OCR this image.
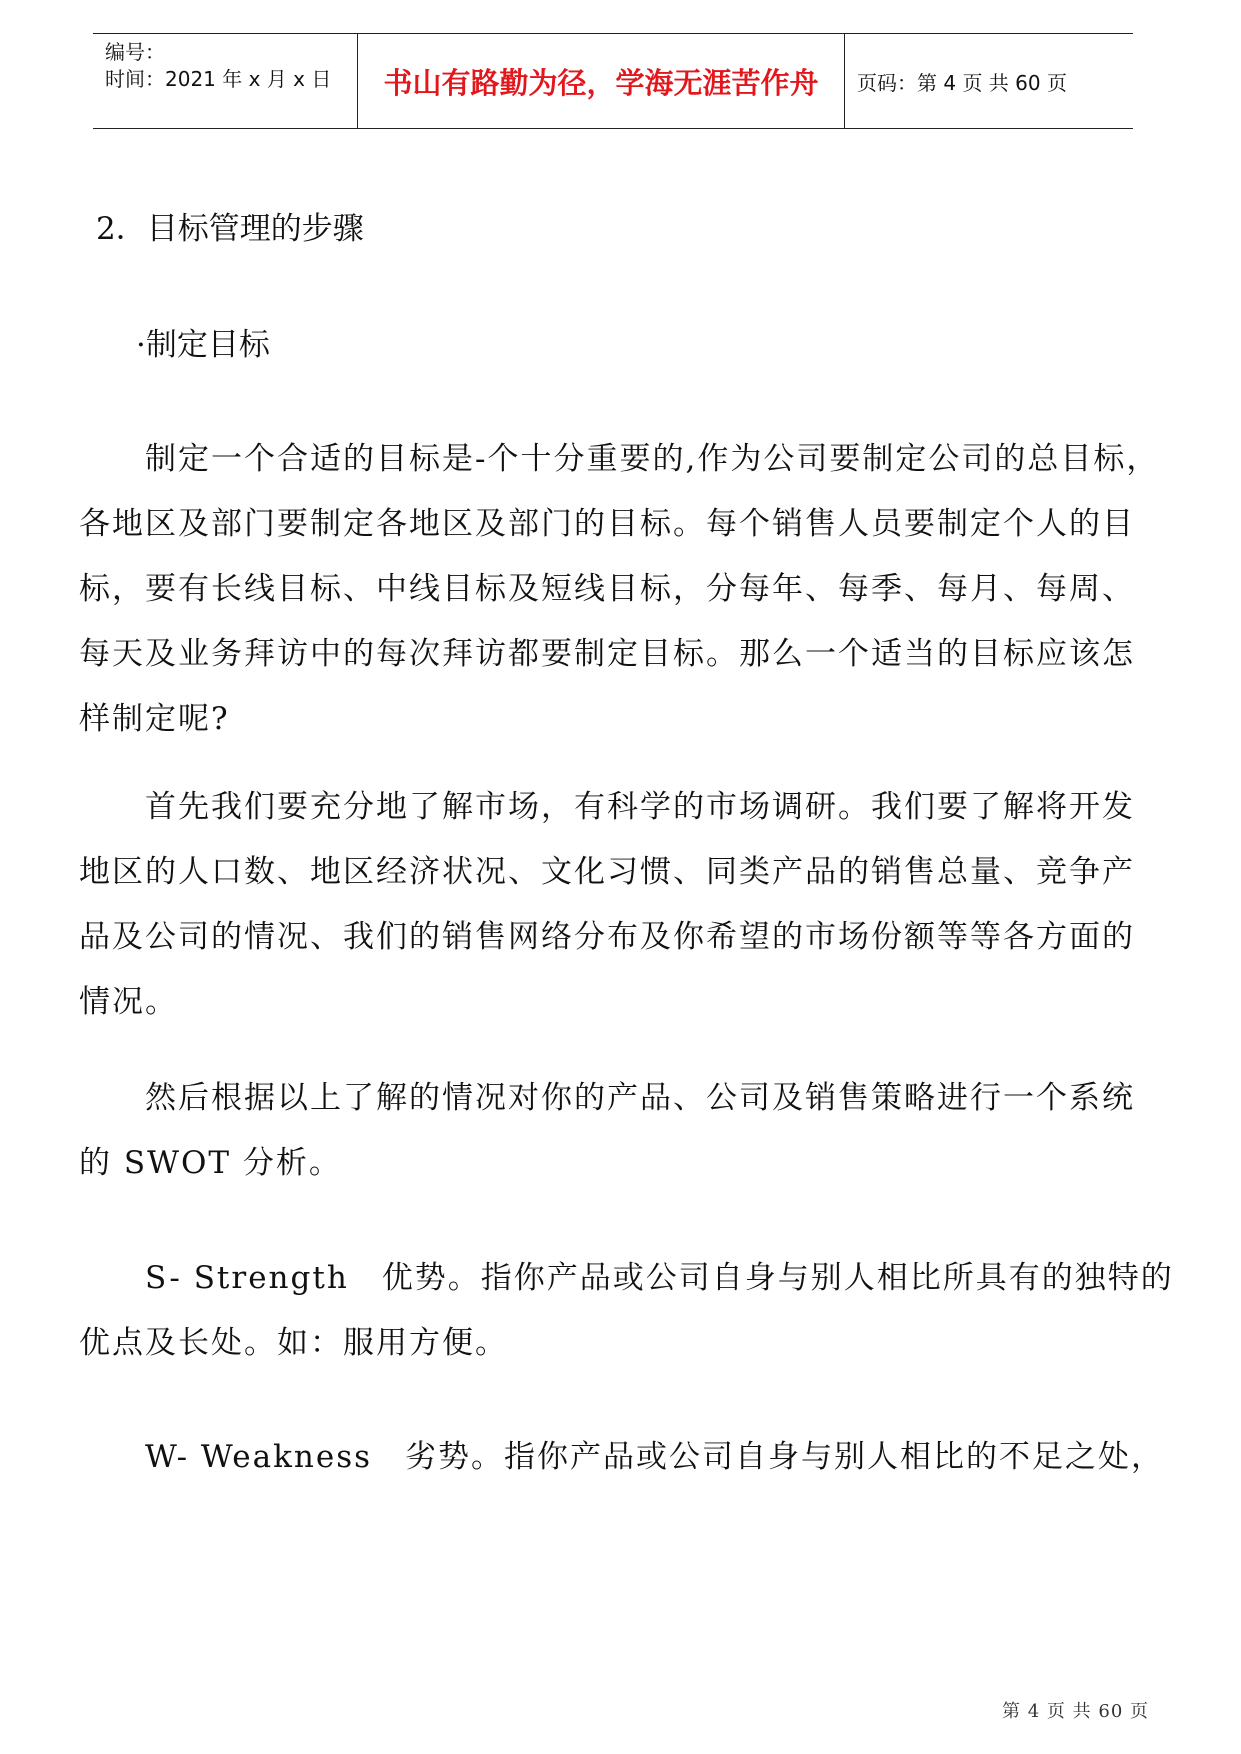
编号：
时间：2021 年 x 月 x 日 书山有路勤为径，学海无涯苦作舟 页码：第 4 页 共 60 页
2．目标管理的步骤
·制定目标
　　制定一个合适的目标是-个十分重要的,作为公司要制定公司的总目标，
各地区及部门要制定各地区及部门的目标。每个销售人员要制定个人的目
标，要有长线目标、中线目标及短线目标，分每年、每季、每月、每周、
每天及业务拜访中的每次拜访都要制定目标。那么一个适当的目标应该怎
样制定呢?
　　首先我们要充分地了解市场，有科学的市场调研。我们要了解将开发
地区的人口数、地区经济状况、文化习惯、同类产品的销售总量、竞争产
品及公司的情况、我们的销售网络分布及你希望的市场份额等等各方面的
情况。
　　然后根据以上了解的情况对你的产品、公司及销售策略进行一个系统
的 SWOT 分析。
　　S- Strength　优势。指你产品或公司自身与别人相比所具有的独特的
优点及长处。如：服用方便。
　　W- Weakness　劣势。指你产品或公司自身与别人相比的不足之处，
第 4 页 共 60 页
